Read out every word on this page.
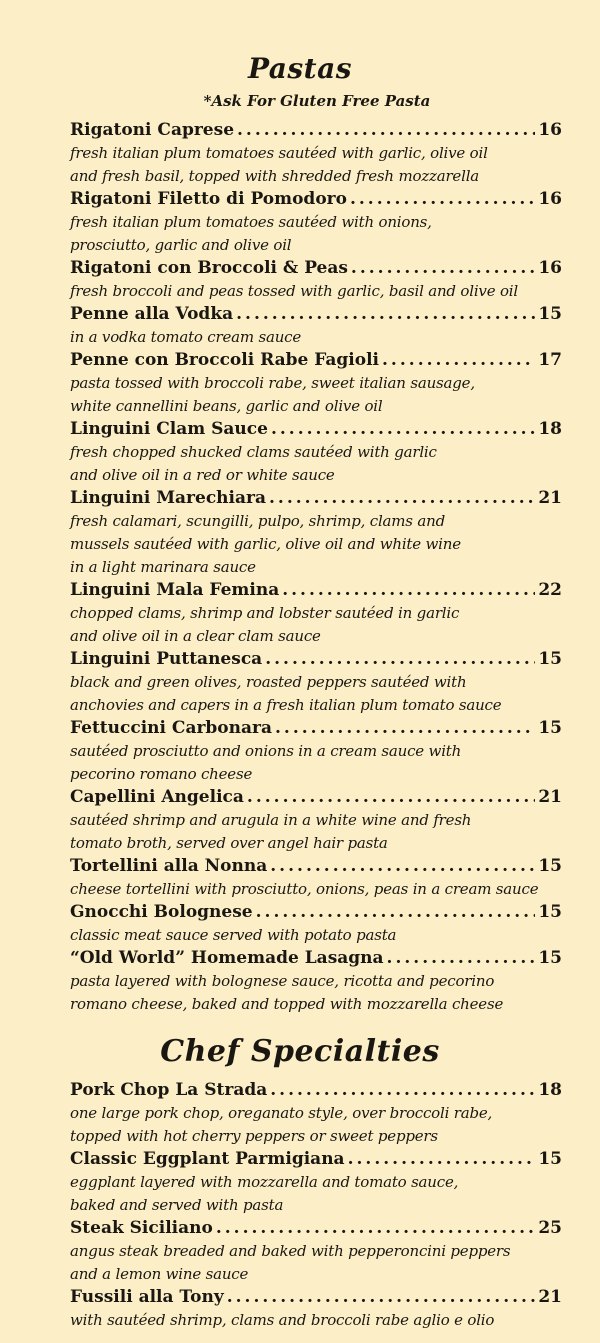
Pastas
*Ask For Gluten Free Pasta
Rigatoni Caprese .....	16
fresh italian plum tomatoes sautéed with garlic, olive oil
and fresh basil, topped with shredded fresh mozzarella
Rigatoni Filetto di Pomodoro .....	16
fresh italian plum tomatoes sautéed with onions,
prosciutto, garlic and olive oil
Rigatoni con Broccoli & Peas .....	16
fresh broccoli and peas tossed with garlic, basil and olive oil
Penne alla Vodka .....	15
in a vodka tomato cream sauce
Penne con Broccoli Rabe Fagioli .....	17
pasta tossed with broccoli rabe, sweet italian sausage,
white cannellini beans, garlic and olive oil
Linguini Clam Sauce .....	18
fresh chopped shucked clams sautéed with garlic
and olive oil in a red or white sauce
Linguini Marechiara .....	21
fresh calamari, scungilli, pulpo, shrimp, clams and
mussels sautéed with garlic, olive oil and white wine
in a light marinara sauce
Linguini Mala Femina .....	22
chopped clams, shrimp and lobster sautéed in garlic
and olive oil in a clear clam sauce
Linguini Puttanesca .....	15
black and green olives, roasted peppers sautéed with
anchovies and capers in a fresh italian plum tomato sauce
Fettuccini Carbonara .....	15
sautéed prosciutto and onions in a cream sauce with
pecorino romano cheese
Capellini Angelica .....	21
sautéed shrimp and arugula in a white wine and fresh
tomato broth, served over angel hair pasta
Tortellini alla Nonna .....	15
cheese tortellini with prosciutto, onions, peas in a cream sauce
Gnocchi Bolognese .....	15
classic meat sauce served with potato pasta
“Old World” Homemade Lasagna .....	15
pasta layered with bolognese sauce, ricotta and pecorino
romano cheese, baked and topped with mozzarella cheese
Chef Specialties
Pork Chop La Strada .....	18
one large pork chop, oreganato style, over broccoli rabe,
topped with hot cherry peppers or sweet peppers
Classic Eggplant Parmigiana .....	15
eggplant layered with mozzarella and tomato sauce,
baked and served with pasta
Steak Siciliano .....	25
angus steak breaded and baked with pepperoncini peppers
and a lemon wine sauce
Fussili alla Tony .....	21
with sautéed shrimp, clams and broccoli rabe aglio e olio
